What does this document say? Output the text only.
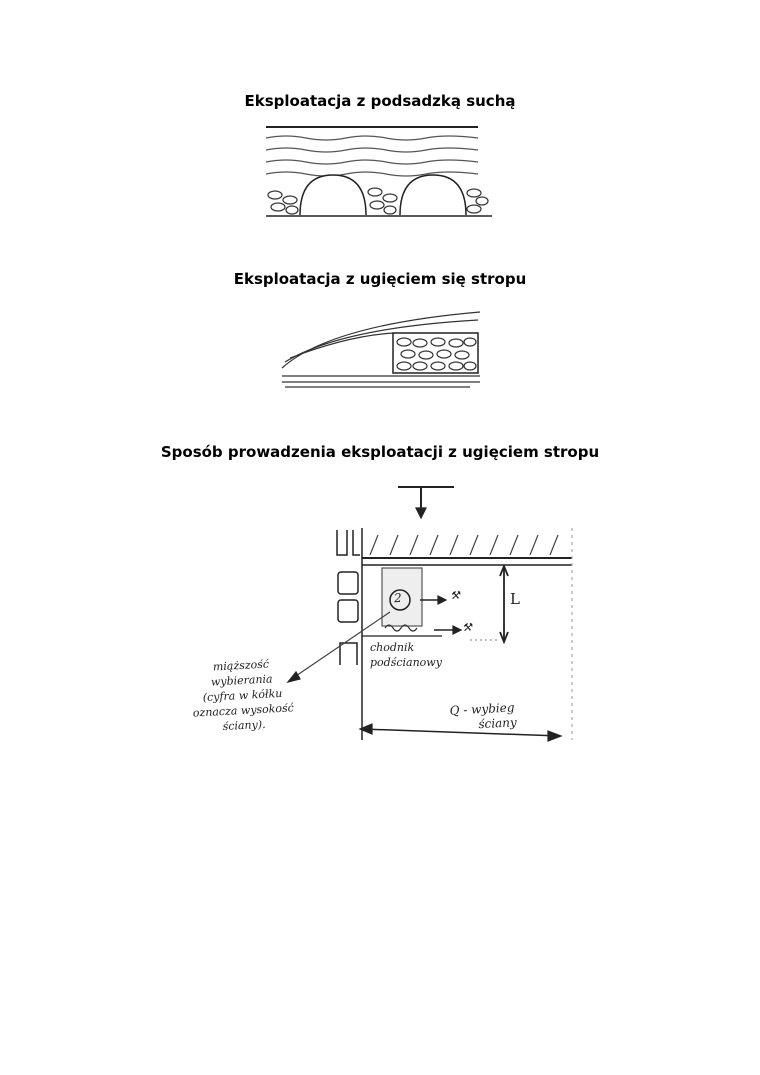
Eksploatacja z podsadzką suchą
Eksploatacja z ugięciem się stropu
Sposób prowadzenia eksploatacji z ugięciem stropu
2	⚒
⚒
L
chodnik
podścianowy
miąższość
wybierania
(cyfra w kółku
oznacza wysokość
ściany).
Q - wybieg
ściany
